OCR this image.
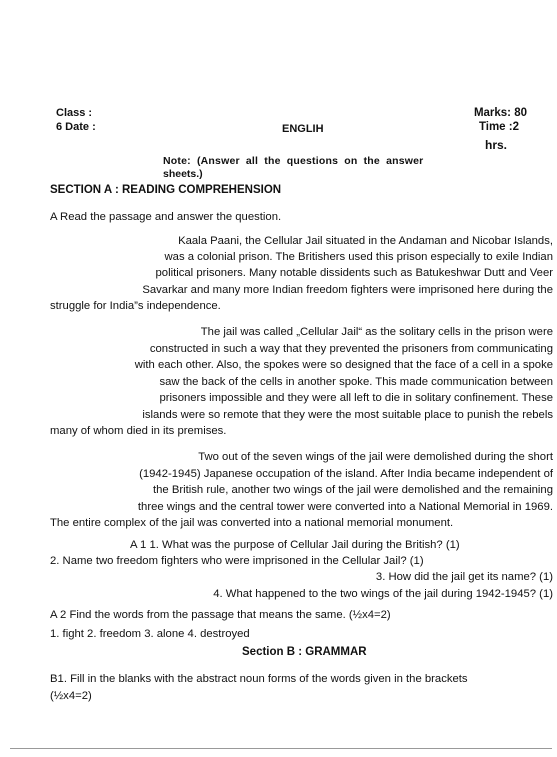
Class :
6 Date :	ENGLIH
Marks: 80
Time :2
hrs.
Note: (Answer all the questions on the answer
sheets.)
SECTION A : READING COMPREHENSION
A Read the passage and answer the question.
Kaala Paani, the Cellular Jail situated in the Andaman and Nicobar Islands,
was a colonial prison. The Britishers used this prison especially to exile Indian
political prisoners. Many notable dissidents such as Batukeshwar Dutt and Veer
Savarkar and many more Indian freedom fighters were imprisoned here during the
struggle for India”s independence.
The jail was called „Cellular Jail“ as the solitary cells in the prison were
constructed in such a way that they prevented the prisoners from communicating
with each other. Also, the spokes were so designed that the face of a cell in a spoke
saw the back of the cells in another spoke. This made communication between
prisoners impossible and they were all left to die in solitary confinement. These
islands were so remote that they were the most suitable place to punish the rebels
many of whom died in its premises.
Two out of the seven wings of the jail were demolished during the short
(1942-1945) Japanese occupation of the island. After India became independent of
the British rule, another two wings of the jail were demolished and the remaining
three wings and the central tower were converted into a National Memorial in 1969.
The entire complex of the jail was converted into a national memorial monument.
A 1 1. What was the purpose of Cellular Jail during the British? (1)
2. Name two freedom fighters who were imprisoned in the Cellular Jail? (1)
3. How did the jail get its name? (1)
4. What happened to the two wings of the jail during 1942-1945? (1)
A 2 Find the words from the passage that means the same. (½x4=2)
1. fight 2. freedom 3. alone 4. destroyed
Section B : GRAMMAR
B1. Fill in the blanks with the abstract noun forms of the words given in the brackets
(½x4=2)
